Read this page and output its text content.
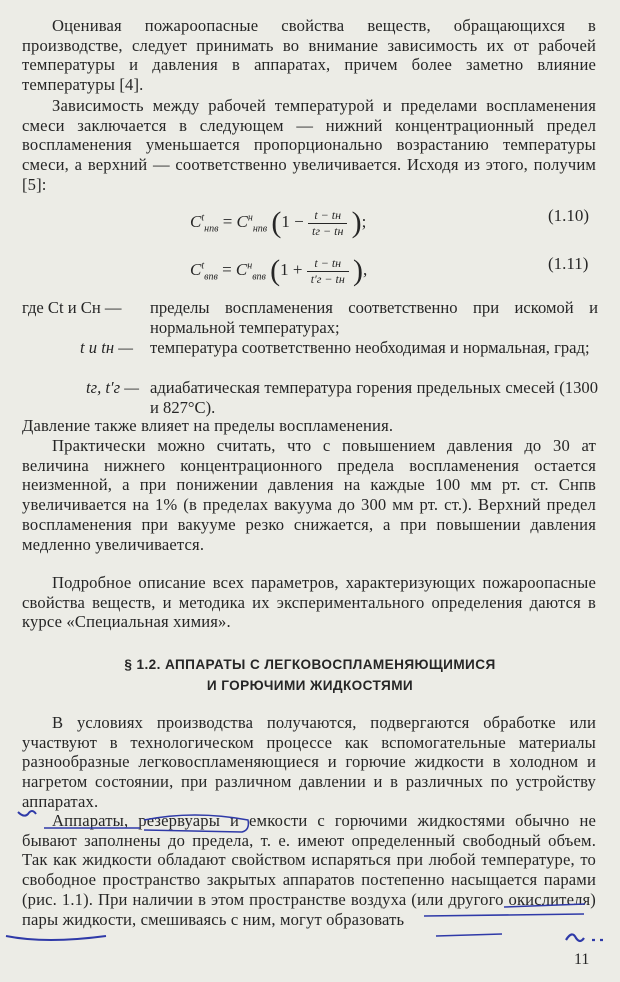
Оценивая пожароопасные свойства веществ, обращающихся в производстве, следует принимать во внимание зависимость их от рабочей температуры и давления в аппаратах, причем более заметно влияние температуры [4].

Зависимость между рабочей температурой и пределами воспламенения смеси заключается в следующем — нижний концентрационный предел воспламенения уменьшается пропорционально возрастанию температуры смеси, а верхний — соответственно увеличивается. Исходя из этого, получим [5]:

$C^t_{нпв} = C^н_{нпв}$ ($1 - \frac{t - tн}{tг - tн}$ );	(1.10)
$C^t_{впв} = C^н_{впв}$ ($1 + \frac{t - tн}{t'г - tн}$ ),	(1.11)
где Ct и Cн — пределы воспламенения соответственно при искомой и нормальной температурах;
t и tн — температура соответственно необходимая и нормальная, град;
tг, t′г — адиабатическая температура горения предельных смесей (1300 и 827°С).

Давление также влияет на пределы воспламенения.

Практически можно считать, что с повышением давления до 30 ат величина нижнего концентрационного предела воспламенения остается неизменной, а при понижении давления на каждые 100 мм рт. ст. Cнпв увеличивается на 1% (в пределах вакуума до 300 мм рт. ст.). Верхний предел воспламенения при вакууме резко снижается, а при повышении давления медленно увеличивается.

Подробное описание всех параметров, характеризующих пожароопасные свойства веществ, и методика их экспериментального определения даются в курсе «Специальная химия».

§ 1.2. АППАРАТЫ С ЛЕГКОВОСПЛАМЕНЯЮЩИМИСЯ
И ГОРЮЧИМИ ЖИДКОСТЯМИ

В условиях производства получаются, подвергаются обработке или участвуют в технологическом процессе как вспомогательные материалы разнообразные легковоспламеняющиеся и горючие жидкости в холодном и нагретом состоянии, при различном давлении и в различных по устройству аппаратах.

Аппараты, резервуары и емкости с горючими жидкостями обычно не бывают заполнены до предела, т. е. имеют определенный свободный объем. Так как жидкости обладают свойством испаряться при любой температуре, то свободное пространство закрытых аппаратов постепенно насыщается парами (рис. 1.1). При наличии в этом пространстве воздуха (или другого окислителя) пары жидкости, смешиваясь с ним, могут образовать

11
